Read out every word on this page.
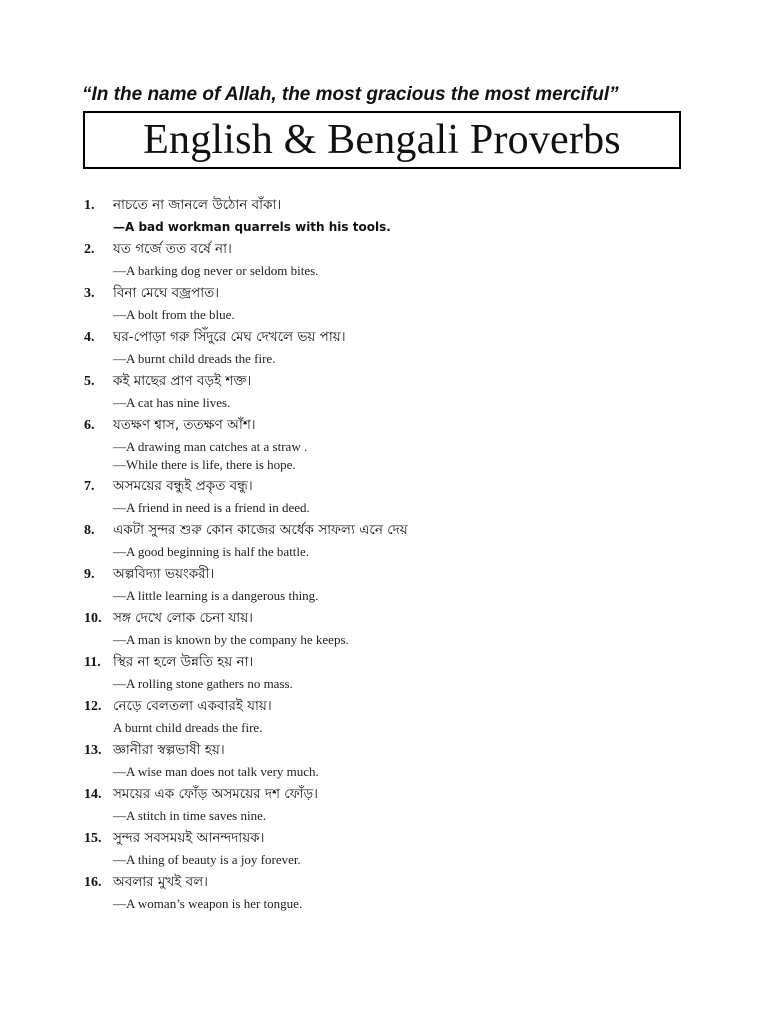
“In the name of Allah, the most gracious the most merciful”
English & Bengali Proverbs
1.	নাচতে না জানলে উঠোন বাঁকা।
—A bad workman quarrels with his tools.
2.	যত গর্জে তত বর্ষে না।
—A barking dog never or seldom bites.
3.	বিনা মেঘে বজ্রপাত।
—A bolt from the blue.
4.	ঘর-পোড়া গরু সিঁদুরে মেঘ দেখলে ভয় পায়।
—A burnt child dreads the fire.
5.	কই মাছের প্রাণ বড়ই শক্ত।
—A cat has nine lives.
6.	যতক্ষণ শ্বাস, ততক্ষণ আঁশ।
—A drawing man catches at a straw .
—While there is life, there is hope.
7.	অসময়ের বন্ধুই প্রকৃত বন্ধু।
—A friend in need is a friend in deed.
8.	একটা সুন্দর শুরু কোন কাজের অর্ধেক সাফল্য এনে দেয়
—A good beginning is half the battle.
9.	অল্পবিদ্যা ভয়ংকরী।
—A little learning is a dangerous thing.
10. সঙ্গ দেখে লোক চেনা যায়।
—A man is known by the company he keeps.
11. স্থির না হলে উন্নতি হয় না।
—A rolling stone gathers no mass.
12. নেড়ে বেলতলা একবারই যায়।
A burnt child dreads the fire.
13. জ্ঞানীরা স্বল্পভাষী হয়।
—A wise man does not talk very much.
14. সময়ের এক ফোঁড় অসময়ের দশ ফোঁড়।
—A stitch in time saves nine.
15. সুন্দর সবসময়ই আনন্দদায়ক।
—A thing of beauty is a joy forever.
16. অবলার মুখই বল।
—A woman’s weapon is her tongue.
